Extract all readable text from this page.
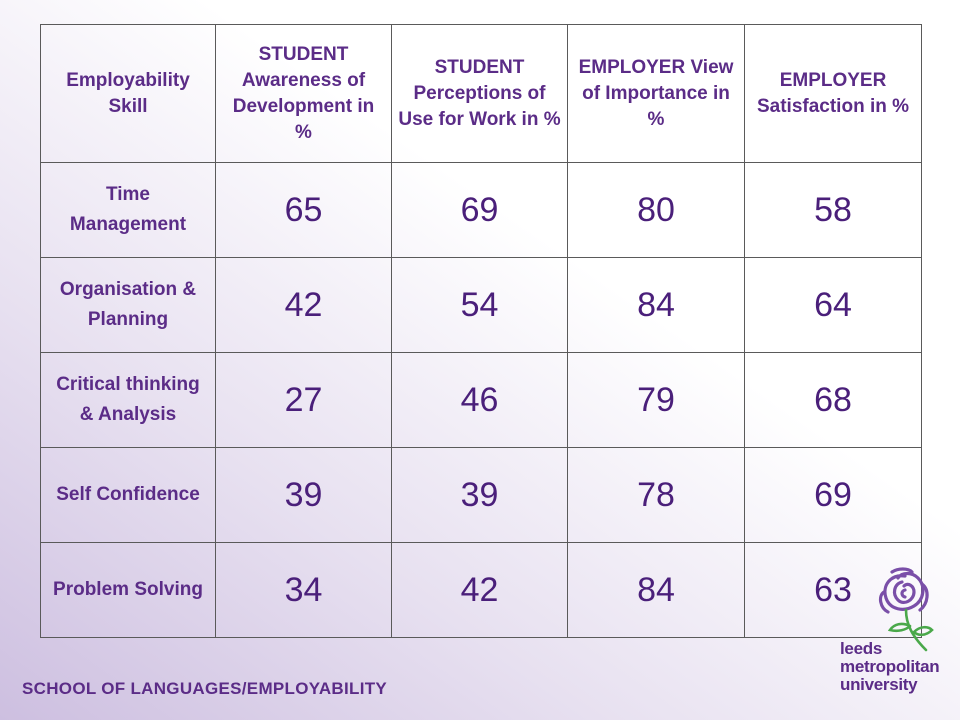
Employability Skill	STUDENT Awareness of Development in %	STUDENT Perceptions of Use for Work in %	EMPLOYER View of Importance in %	EMPLOYER Satisfaction in %
Time Management	65	69	80	58
Organisation & Planning	42	54	84	64
Critical thinking & Analysis	27	46	79	68
Self Confidence	39	39	78	69
Problem Solving	34	42	84	63
SCHOOL OF LANGUAGES/EMPLOYABILITY
leeds
metropolitan
university
